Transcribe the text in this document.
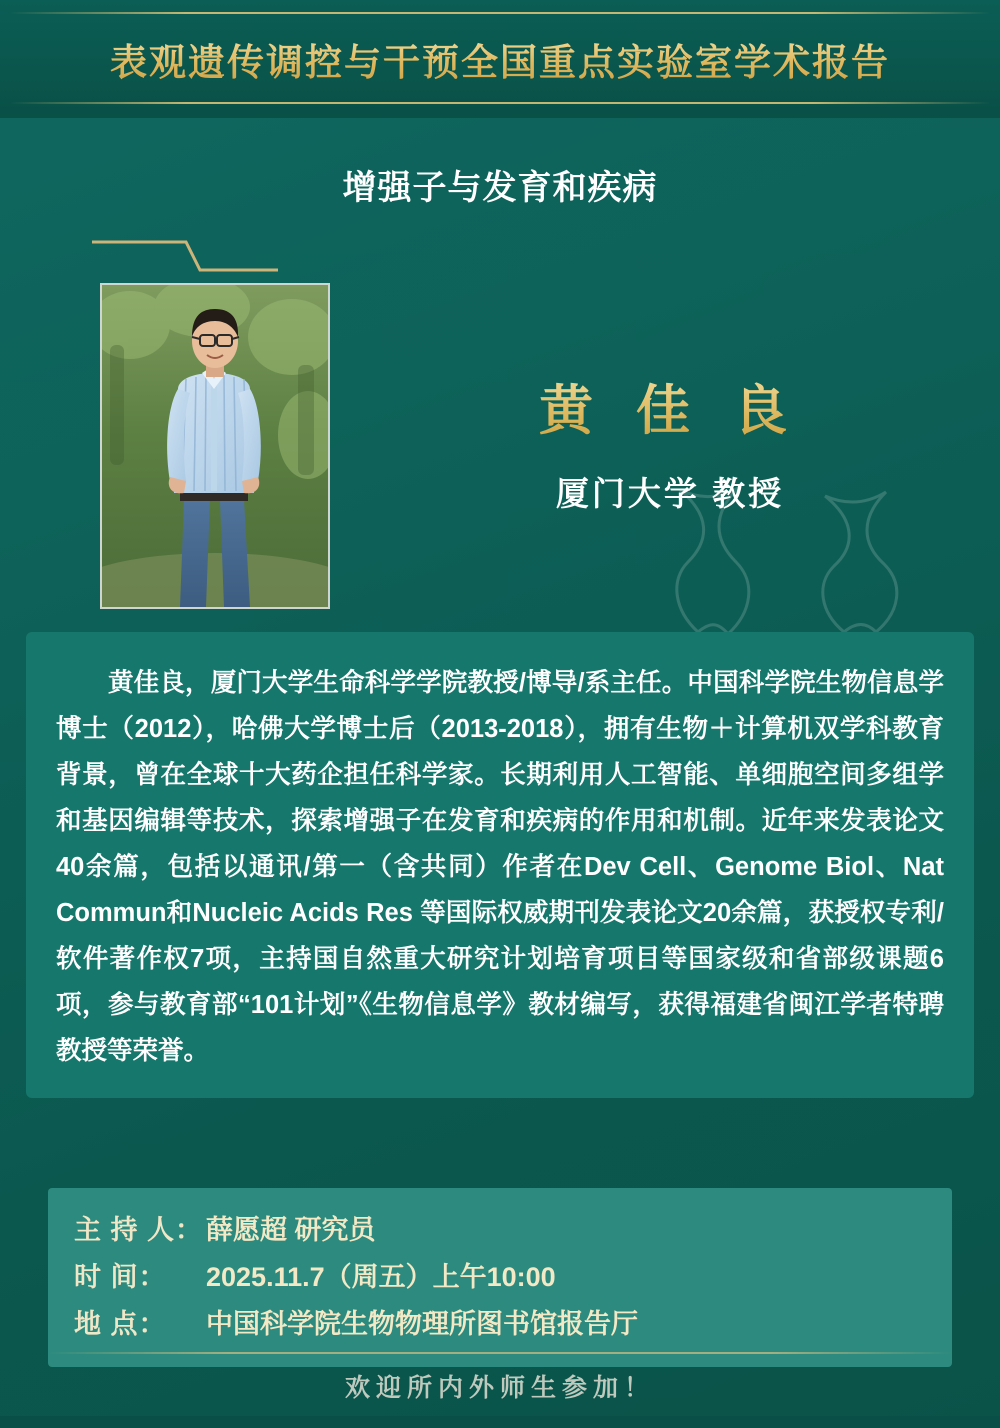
表观遗传调控与干预全国重点实验室学术报告
增强子与发育和疾病
黄 佳 良
厦门大学 教授
黄佳良，厦门大学生命科学学院教授/博导/系主任。中国科学院生物信息学博士（2012），哈佛大学博士后（2013-2018），拥有生物＋计算机双学科教育背景，曾在全球十大药企担任科学家。长期利用人工智能、单细胞空间多组学和基因编辑等技术，探索增强子在发育和疾病的作用和机制。近年来发表论文40余篇，包括以通讯/第一（含共同）作者在Dev Cell、Genome Biol、Nat Commun和Nucleic Acids Res 等国际权威期刊发表论文20余篇，获授权专利/软件著作权7项，主持国自然重大研究计划培育项目等国家级和省部级课题6项，参与教育部“101计划”《生物信息学》教材编写，获得福建省闽江学者特聘教授等荣誉。
主 持 人： 薛愿超 研究员
时 间：	2025.11.7（周五）上午10:00
地 点：	中国科学院生物物理所图书馆报告厅
欢迎所内外师生参加！
